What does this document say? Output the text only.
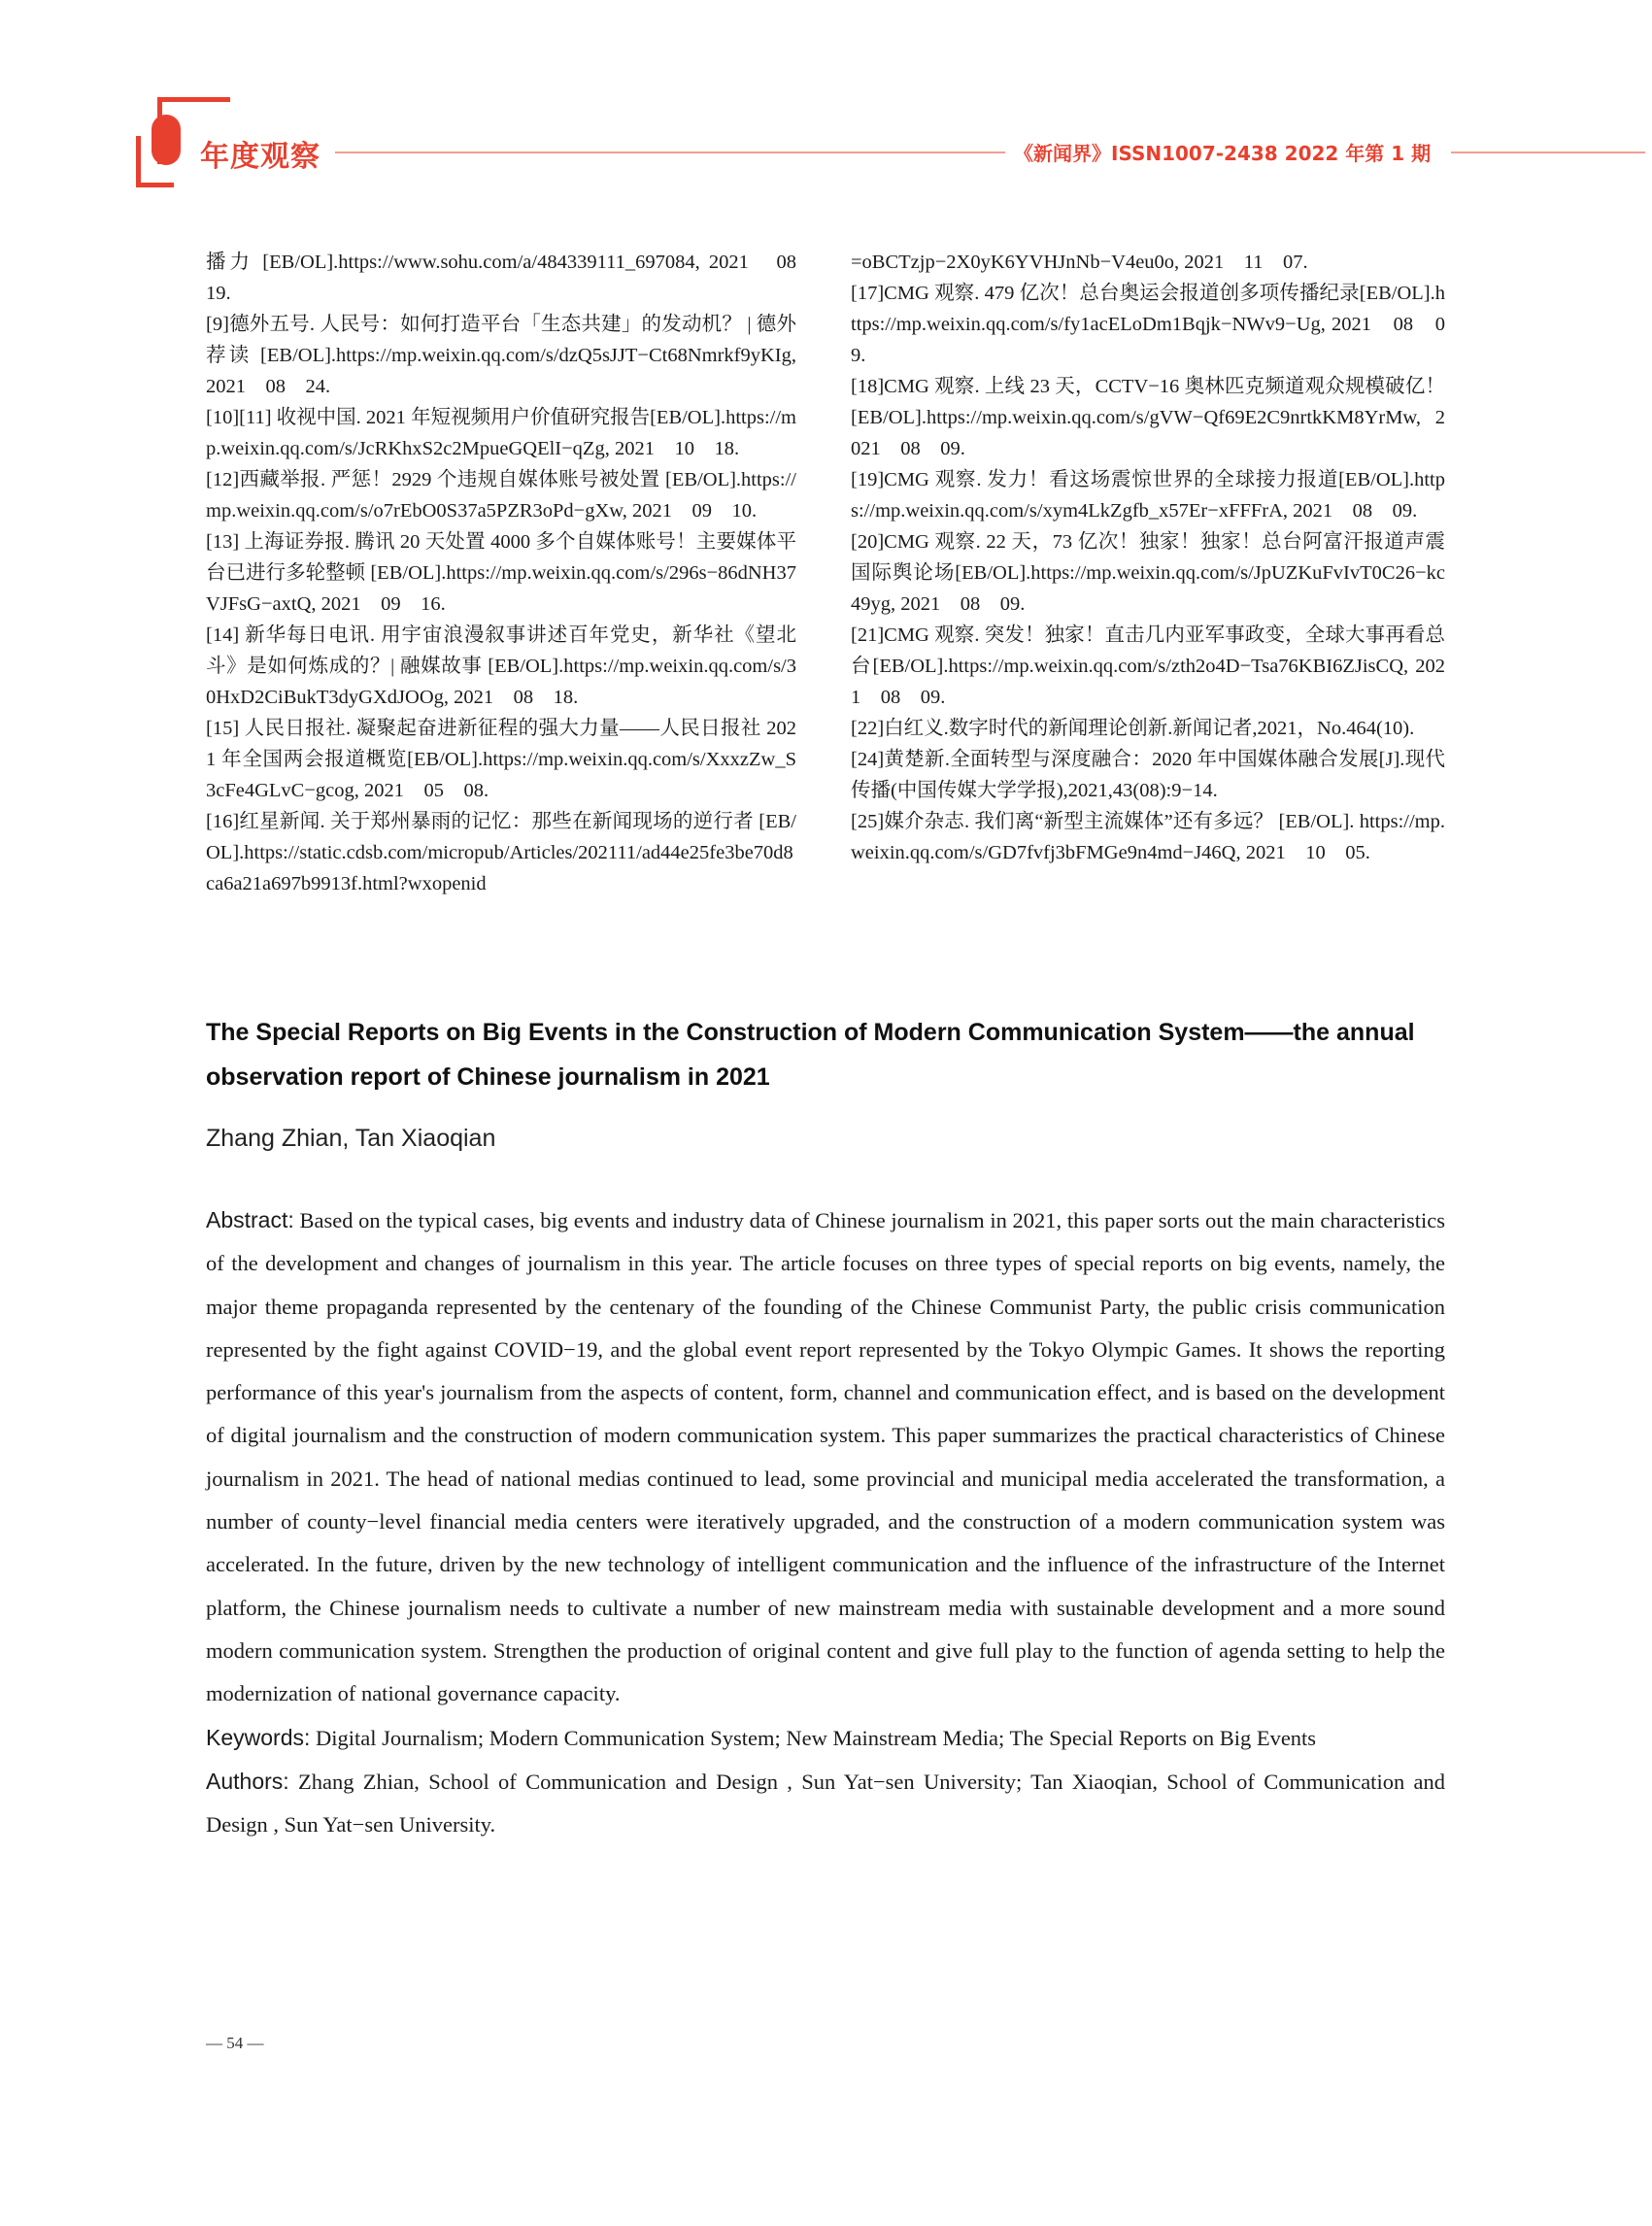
年度观察	《新闻界》ISSN1007-2438 2022 年第 1 期

播力 [EB/OL].https://www.sohu.com/a/484339111_697084, 2021　08　19.

[9]德外五号. 人民号：如何打造平台「生态共建」的发动机？ | 德外荐读 [EB/OL].https://mp.weixin.qq.com/s/dzQ5sJJT−Ct68Nmrkf9yKIg, 2021　08　24.

[10][11] 收视中国. 2021 年短视频用户价值研究报告[EB/OL].https://mp.weixin.qq.com/s/JcRKhxS2c2MpueGQElI−qZg, 2021　10　18.

[12]西藏举报. 严惩！2929 个违规自媒体账号被处置 [EB/OL].https://mp.weixin.qq.com/s/o7rEbO0S37a5PZR3oPd−gXw, 2021　09　10.

[13] 上海证券报. 腾讯 20 天处置 4000 多个自媒体账号！主要媒体平台已进行多轮整顿 [EB/OL].https://mp.weixin.qq.com/s/296s−86dNH37VJFsG−axtQ, 2021　09　16.

[14] 新华每日电讯. 用宇宙浪漫叙事讲述百年党史，新华社《望北斗》是如何炼成的？| 融媒故事 [EB/OL].https://mp.weixin.qq.com/s/30HxD2CiBukT3dyGXdJOOg, 2021　08　18.

[15] 人民日报社. 凝聚起奋进新征程的强大力量——人民日报社 2021 年全国两会报道概览[EB/OL].https://mp.weixin.qq.com/s/XxxzZw_S3cFe4GLvC−gcog, 2021　05　08.

[16]红星新闻. 关于郑州暴雨的记忆：那些在新闻现场的逆行者 [EB/OL].https://static.cdsb.com/micropub/Articles/202111/ad44e25fe3be70d8ca6a21a697b9913f.html?wxopenid

=oBCTzjp−2X0yK6YVHJnNb−V4eu0o, 2021　11　07.

[17]CMG 观察. 479 亿次！总台奥运会报道创多项传播纪录[EB/OL].https://mp.weixin.qq.com/s/fy1acELoDm1Bqjk−NWv9−Ug, 2021　08　09.

[18]CMG 观察. 上线 23 天，CCTV−16 奥林匹克频道观众规模破亿！[EB/OL].https://mp.weixin.qq.com/s/gVW−Qf69E2C9nrtkKM8YrMw, 2021　08　09.

[19]CMG 观察. 发力！看这场震惊世界的全球接力报道[EB/OL].https://mp.weixin.qq.com/s/xym4LkZgfb_x57Er−xFFFrA, 2021　08　09.

[20]CMG 观察. 22 天，73 亿次！独家！独家！总台阿富汗报道声震国际舆论场[EB/OL].https://mp.weixin.qq.com/s/JpUZKuFvIvT0C26−kc49yg, 2021　08　09.

[21]CMG 观察. 突发！独家！直击几内亚军事政变，全球大事再看总台[EB/OL].https://mp.weixin.qq.com/s/zth2o4D−Tsa76KBI6ZJisCQ, 2021　08　09.

[22]白红义.数字时代的新闻理论创新.新闻记者,2021，No.464(10).

[24]黄楚新.全面转型与深度融合：2020 年中国媒体融合发展[J].现代传播(中国传媒大学学报),2021,43(08):9−14.

[25]媒介杂志. 我们离“新型主流媒体”还有多远？ [EB/OL]. https://mp.weixin.qq.com/s/GD7fvfj3bFMGe9n4md−J46Q, 2021　10　05.

The Special Reports on Big Events in the Construction of Modern Communication System——the annual observation report of Chinese journalism in 2021
Zhang Zhian, Tan Xiaoqian

Abstract: Based on the typical cases, big events and industry data of Chinese journalism in 2021, this paper sorts out the main characteristics of the development and changes of journalism in this year. The article focuses on three types of special reports on big events, namely, the major theme propaganda represented by the centenary of the founding of the Chinese Communist Party, the public crisis communication represented by the fight against COVID−19, and the global event report represented by the Tokyo Olympic Games. It shows the reporting performance of this year's journalism from the aspects of content, form, channel and communication effect, and is based on the development of digital journalism and the construction of modern communication system. This paper summarizes the practical characteristics of Chinese journalism in 2021. The head of national medias continued to lead, some provincial and municipal media accelerated the transformation, a number of county−level financial media centers were iteratively upgraded, and the construction of a modern communication system was accelerated. In the future, driven by the new technology of intelligent communication and the influence of the infrastructure of the Internet platform, the Chinese journalism needs to cultivate a number of new mainstream media with sustainable development and a more sound modern communication system. Strengthen the production of original content and give full play to the function of agenda setting to help the modernization of national governance capacity.

Keywords: Digital Journalism; Modern Communication System; New Mainstream Media; The Special Reports on Big Events

Authors: Zhang Zhian, School of Communication and Design , Sun Yat−sen University; Tan Xiaoqian, School of Communication and Design , Sun Yat−sen University.

— 54 —
